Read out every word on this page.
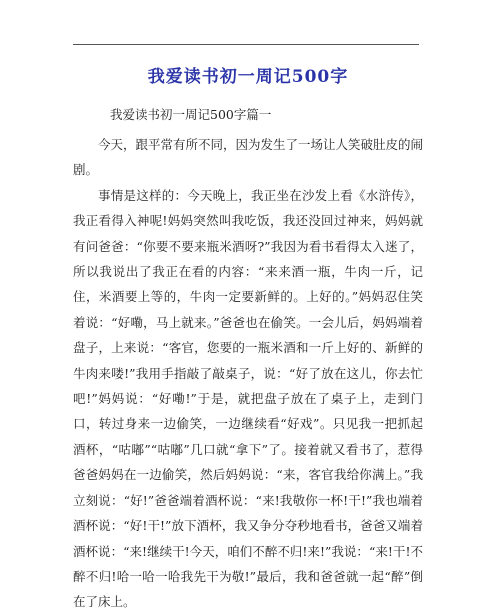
我爱读书初一周记500字
我爱读书初一周记500字篇一

今天，跟平常有所不同，因为发生了一场让人笑破肚皮的闹剧。

事情是这样的：今天晚上，我正坐在沙发上看《水浒传》，我正看得入神呢!妈妈突然叫我吃饭，我还没回过神来，妈妈就有问爸爸：“你要不要来瓶米酒呀?”我因为看书看得太入迷了，所以我说出了我正在看的内容：“来来酒一瓶，牛肉一斤，记住，米酒要上等的，牛肉一定要新鲜的。上好的。”妈妈忍住笑着说：“好嘞，马上就来。”爸爸也在偷笑。一会儿后，妈妈端着盘子，上来说：“客官，您要的一瓶米酒和一斤上好的、新鲜的牛肉来喽!”我用手指敲了敲桌子，说：“好了放在这儿，你去忙吧!”妈妈说：“好嘞!”于是，就把盘子放在了桌子上，走到门口，转过身来一边偷笑，一边继续看“好戏”。只见我一把抓起酒杯，“咕嘟”“咕嘟”几口就“拿下”了。接着就又看书了，惹得爸爸妈妈在一边偷笑，然后妈妈说：“来，客官我给你满上。”我立刻说：“好!”爸爸端着酒杯说：“来!我敬你一杯!干!”我也端着酒杯说：“好!干!”放下酒杯，我又争分夺秒地看书，爸爸又端着酒杯说：“来!继续干!今天，咱们不醉不归!来!”我说：“来!干!不醉不归!哈一哈一哈我先干为敬!”最后，我和爸爸就一起“醉”倒在了床上。
